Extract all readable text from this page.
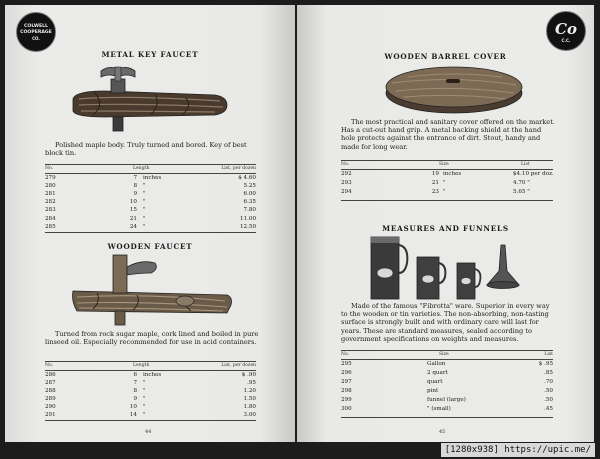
COLWELL
COOPERAGE
CO.
METAL KEY FAUCET
Polished maple body. Truly turned and bored. Key of best block tin.
No.	Length	List, per dozen
279	7 inches	$ 4.60
280	8 "	5.25
281	9 "	6.00
282	10 "	6.35
283	15 "	7.80
284	21 "	11.00
285	24 "	12.50
WOODEN FAUCET
Turned from rock sugar maple, cork lined and boiled in pure linseed oil. Especially recommended for use in acid containers.
No.	Length	List, per dozen
286	6 inches	$ .90
287	7 "	.95
288	8 "	1.20
289	9 "	1.50
290	10 "	1.80
291	14 "	3.00
44
Co
C.C.
WOODEN BARREL COVER
The most practical and sanitary cover offered on the market. Has a cut-out hand grip. A metal backing shield at the hand hole protects against the entrance of dirt. Stout, handy and made for long wear.
No.	Size	List
292	19 inches	$4.10 per doz.
293	21 "	4.70 "
294	23 "	5.65 "
MEASURES AND FUNNELS
Made of the famous "Fibrotta" ware. Superior in every way to the wooden or tin varieties. The non-absorbing, non-tasting surface is strongly built and with ordinary care will last for years. These are standard measures, sealed according to government specifications on weights and measures.
No.	Size	List
295	Gallon	$ .95
296	2 quart	.85
297	quart	.70
298	pint	.50
299	funnel (large)	.50
300	" (small)	.45
45
[1280x938] https://upic.me/
